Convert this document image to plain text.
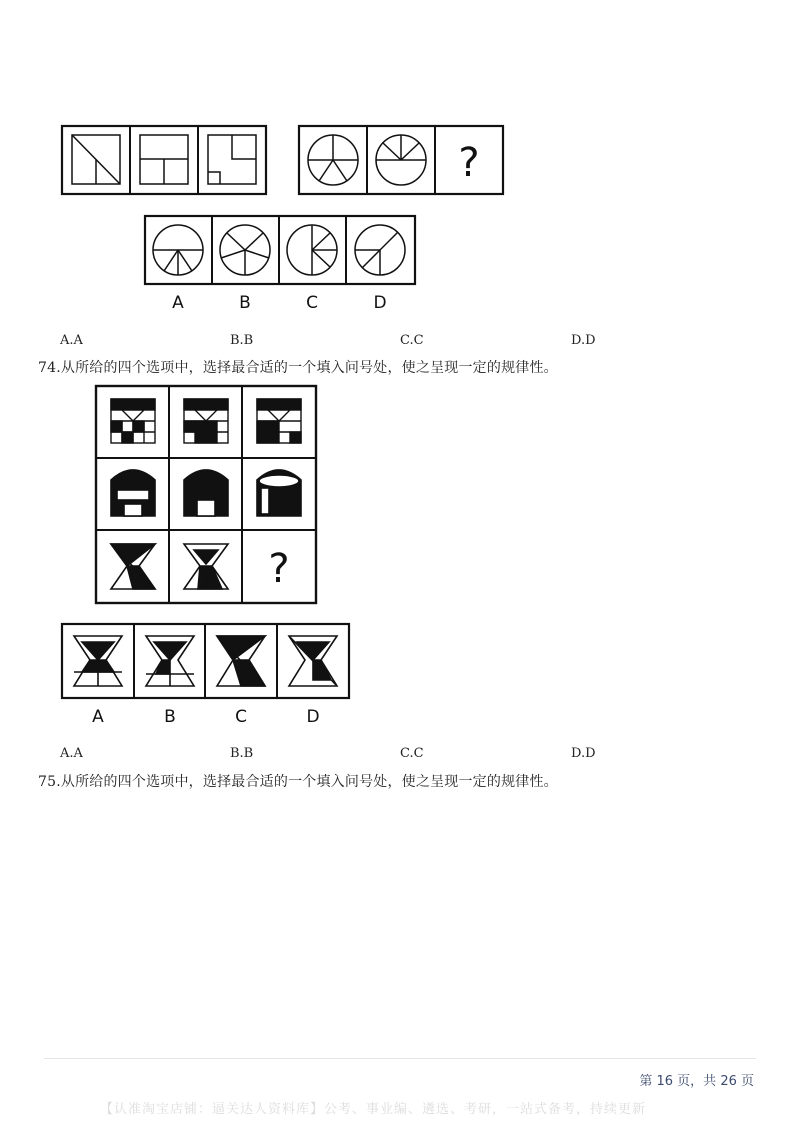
?
A	B	C	D
A.A	B.B	C.C	D.D
74.从所给的四个选项中，选择最合适的一个填入问号处，使之呈现一定的规律性。
?
A	B	C	D
A.A	B.B	C.C	D.D
75.从所给的四个选项中，选择最合适的一个填入问号处，使之呈现一定的规律性。
第 16 页，共 26 页
【认准淘宝店铺：逼关达人资料库】公考、事业编、遴选、考研，一站式备考，持续更新
